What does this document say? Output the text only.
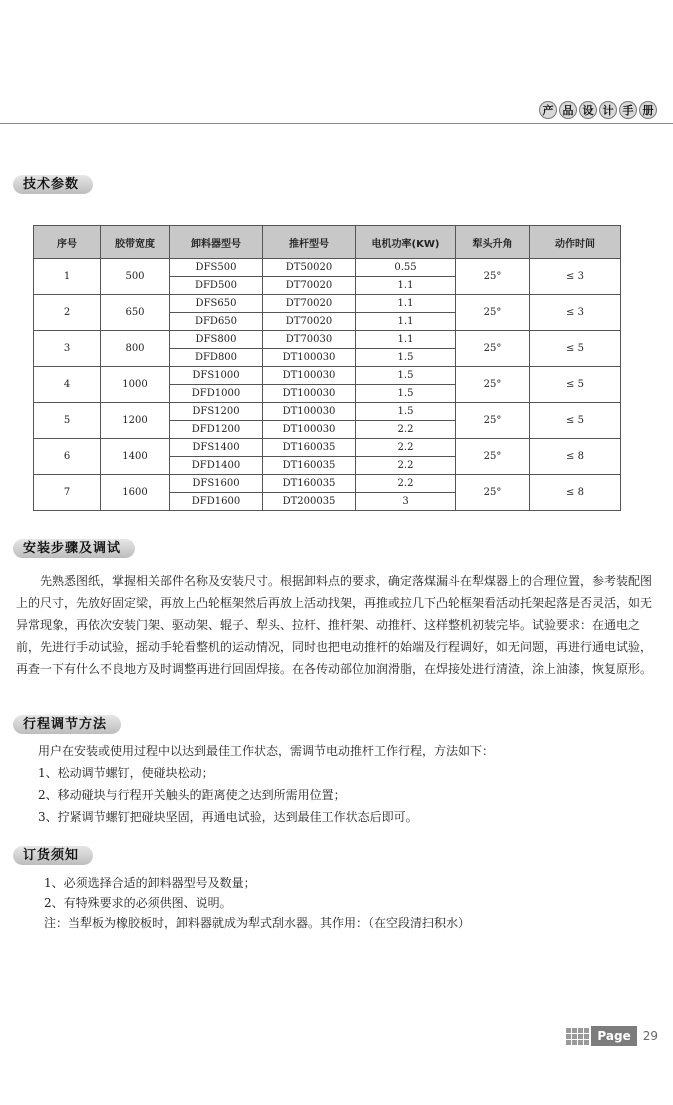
产 品 设 计 手 册
技术参数
序号	胶带宽度	卸料器型号	推杆型号	电机功率(KW)	犁头升角	动作时间
1	500	DFS500	DT50020	0.55	25°	≤ 3
		DFD500	DT70020	1.1		
2	650	DFS650	DT70020	1.1	25°	≤ 3
		DFD650	DT70020	1.1		
3	800	DFS800	DT70030	1.1	25°	≤ 5
		DFD800	DT100030	1.5		
4	1000	DFS1000	DT100030	1.5	25°	≤ 5
		DFD1000	DT100030	1.5		
5	1200	DFS1200	DT100030	1.5	25°	≤ 5
		DFD1200	DT100030	2.2		
6	1400	DFS1400	DT160035	2.2	25°	≤ 8
		DFD1400	DT160035	2.2		
7	1600	DFS1600	DT160035	2.2	25°	≤ 8
		DFD1600	DT200035	3		
安装步骤及调试
先熟悉图纸，掌握相关部件名称及安装尺寸。根据卸料点的要求，确定落煤漏斗在犁煤器上的合理位置，参考装配图上的尺寸，先放好固定梁，再放上凸轮框架然后再放上活动找架，再推或拉几下凸轮框架看活动托架起落是否灵活，如无异常现象，再依次安装门架、驱动架、辊子、犁头、拉杆、推杆架、动推杆、这样整机初装完毕。试验要求：在通电之前，先进行手动试验，摇动手轮看整机的运动情况，同时也把电动推杆的始端及行程调好，如无问题，再进行通电试验，再查一下有什么不良地方及时调整再进行回固焊接。在各传动部位加润滑脂，在焊接处进行清渣，涂上油漆，恢复原形。
行程调节方法
用户在安装或使用过程中以达到最佳工作状态，需调节电动推杆工作行程，方法如下：
1、松动调节螺钉，使碰块松动；
2、移动碰块与行程开关触头的距离使之达到所需用位置；
3、拧紧调节螺钉把碰块坚固，再通电试验，达到最佳工作状态后即可。
订货须知
1、必须选择合适的卸料器型号及数量；
2、有特殊要求的必须供图、说明。
注：当犁板为橡胶板时，卸料器就成为犁式刮水器。其作用：（在空段清扫积水）
Page	29
